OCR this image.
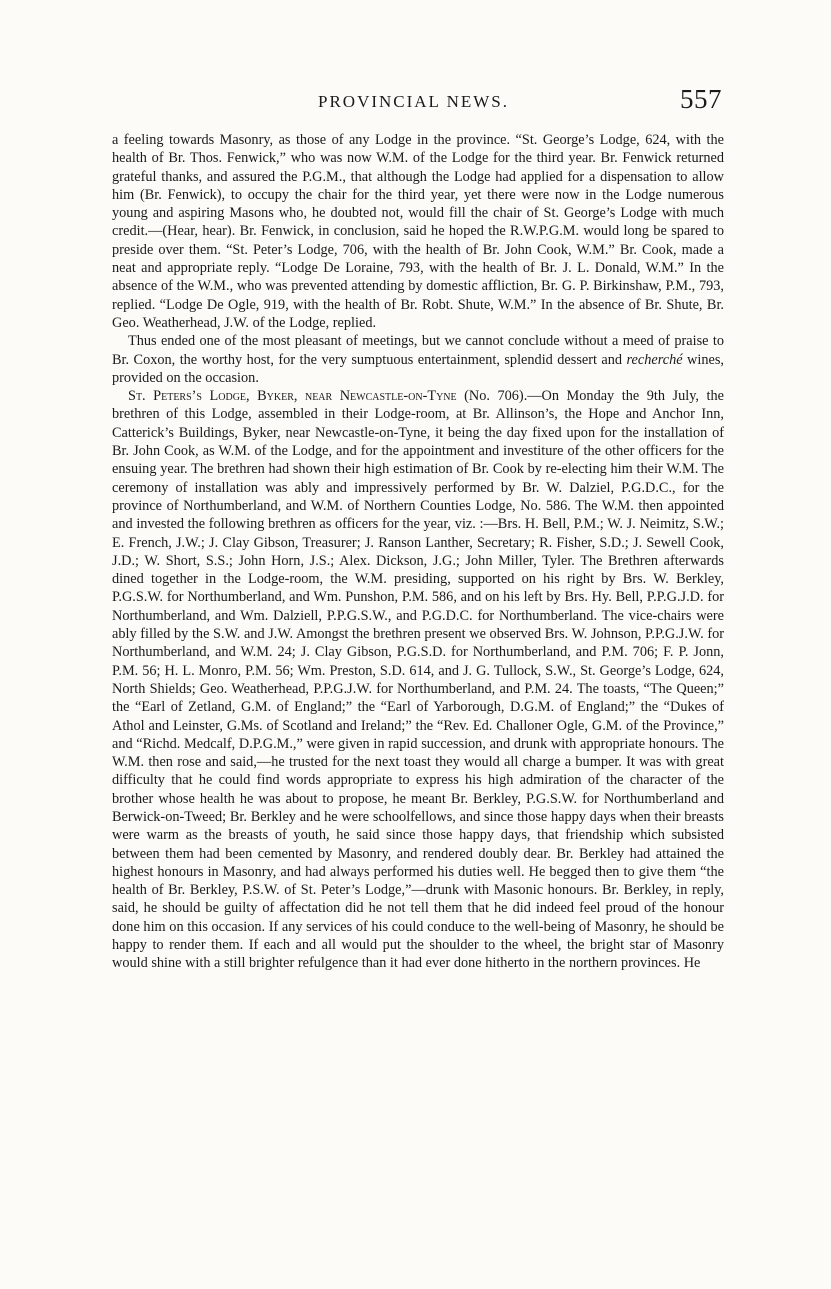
PROVINCIAL NEWS.	557

a feeling towards Masonry, as those of any Lodge in the province. “St. George’s Lodge, 624, with the health of Br. Thos. Fenwick,” who was now W.M. of the Lodge for the third year. Br. Fenwick returned grateful thanks, and assured the P.G.M., that although the Lodge had applied for a dispensation to allow him (Br. Fenwick), to occupy the chair for the third year, yet there were now in the Lodge numerous young and aspiring Masons who, he doubted not, would fill the chair of St. George’s Lodge with much credit.—(Hear, hear). Br. Fenwick, in conclusion, said he hoped the R.W.P.G.M. would long be spared to preside over them. “St. Peter’s Lodge, 706, with the health of Br. John Cook, W.M.” Br. Cook, made a neat and appropriate reply. “Lodge De Loraine, 793, with the health of Br. J. L. Donald, W.M.” In the absence of the W.M., who was prevented attending by domestic affliction, Br. G. P. Birkinshaw, P.M., 793, replied. “Lodge De Ogle, 919, with the health of Br. Robt. Shute, W.M.” In the absence of Br. Shute, Br. Geo. Weatherhead, J.W. of the Lodge, replied.

Thus ended one of the most pleasant of meetings, but we cannot conclude without a meed of praise to Br. Coxon, the worthy host, for the very sumptuous entertainment, splendid dessert and recherché wines, provided on the occasion.

St. Peters’s Lodge, Byker, near Newcastle-on-Tyne (No. 706).—On Monday the 9th July, the brethren of this Lodge, assembled in their Lodge-room, at Br. Allinson’s, the Hope and Anchor Inn, Catterick’s Buildings, Byker, near Newcastle-on-Tyne, it being the day fixed upon for the installation of Br. John Cook, as W.M. of the Lodge, and for the appointment and investiture of the other officers for the ensuing year. The brethren had shown their high estimation of Br. Cook by re-electing him their W.M. The ceremony of installation was ably and impressively performed by Br. W. Dalziel, P.G.D.C., for the province of Northumberland, and W.M. of Northern Counties Lodge, No. 586. The W.M. then appointed and invested the following brethren as officers for the year, viz. :—Brs. H. Bell, P.M.; W. J. Neimitz, S.W.; E. French, J.W.; J. Clay Gibson, Treasurer; J. Ranson Lanther, Secretary; R. Fisher, S.D.; J. Sewell Cook, J.D.; W. Short, S.S.; John Horn, J.S.; Alex. Dickson, J.G.; John Miller, Tyler. The Brethren afterwards dined together in the Lodge-room, the W.M. presiding, supported on his right by Brs. W. Berkley, P.G.S.W. for Northumberland, and Wm. Punshon, P.M. 586, and on his left by Brs. Hy. Bell, P.P.G.J.D. for Northumberland, and Wm. Dalziell, P.P.G.S.W., and P.G.D.C. for Northumberland. The vice-chairs were ably filled by the S.W. and J.W. Amongst the brethren present we observed Brs. W. Johnson, P.P.G.J.W. for Northumberland, and W.M. 24; J. Clay Gibson, P.G.S.D. for Northumberland, and P.M. 706; F. P. Jonn, P.M. 56; H. L. Monro, P.M. 56; Wm. Preston, S.D. 614, and J. G. Tullock, S.W., St. George’s Lodge, 624, North Shields; Geo. Weatherhead, P.P.G.J.W. for Northumberland, and P.M. 24. The toasts, “The Queen;” the “Earl of Zetland, G.M. of England;” the “Earl of Yarborough, D.G.M. of England;” the “Dukes of Athol and Leinster, G.Ms. of Scotland and Ireland;” the “Rev. Ed. Challoner Ogle, G.M. of the Province,” and “Richd. Medcalf, D.P.G.M.,” were given in rapid succession, and drunk with appropriate honours. The W.M. then rose and said,—he trusted for the next toast they would all charge a bumper. It was with great difficulty that he could find words appropriate to express his high admiration of the character of the brother whose health he was about to propose, he meant Br. Berkley, P.G.S.W. for Northumberland and Berwick-on-Tweed; Br. Berkley and he were schoolfellows, and since those happy days when their breasts were warm as the breasts of youth, he said since those happy days, that friendship which subsisted between them had been cemented by Masonry, and rendered doubly dear. Br. Berkley had attained the highest honours in Masonry, and had always performed his duties well. He begged then to give them “the health of Br. Berkley, P.S.W. of St. Peter’s Lodge,”—drunk with Masonic honours. Br. Berkley, in reply, said, he should be guilty of affectation did he not tell them that he did indeed feel proud of the honour done him on this occasion. If any services of his could conduce to the well-being of Masonry, he should be happy to render them. If each and all would put the shoulder to the wheel, the bright star of Masonry would shine with a still brighter refulgence than it had ever done hitherto in the northern provinces. He
